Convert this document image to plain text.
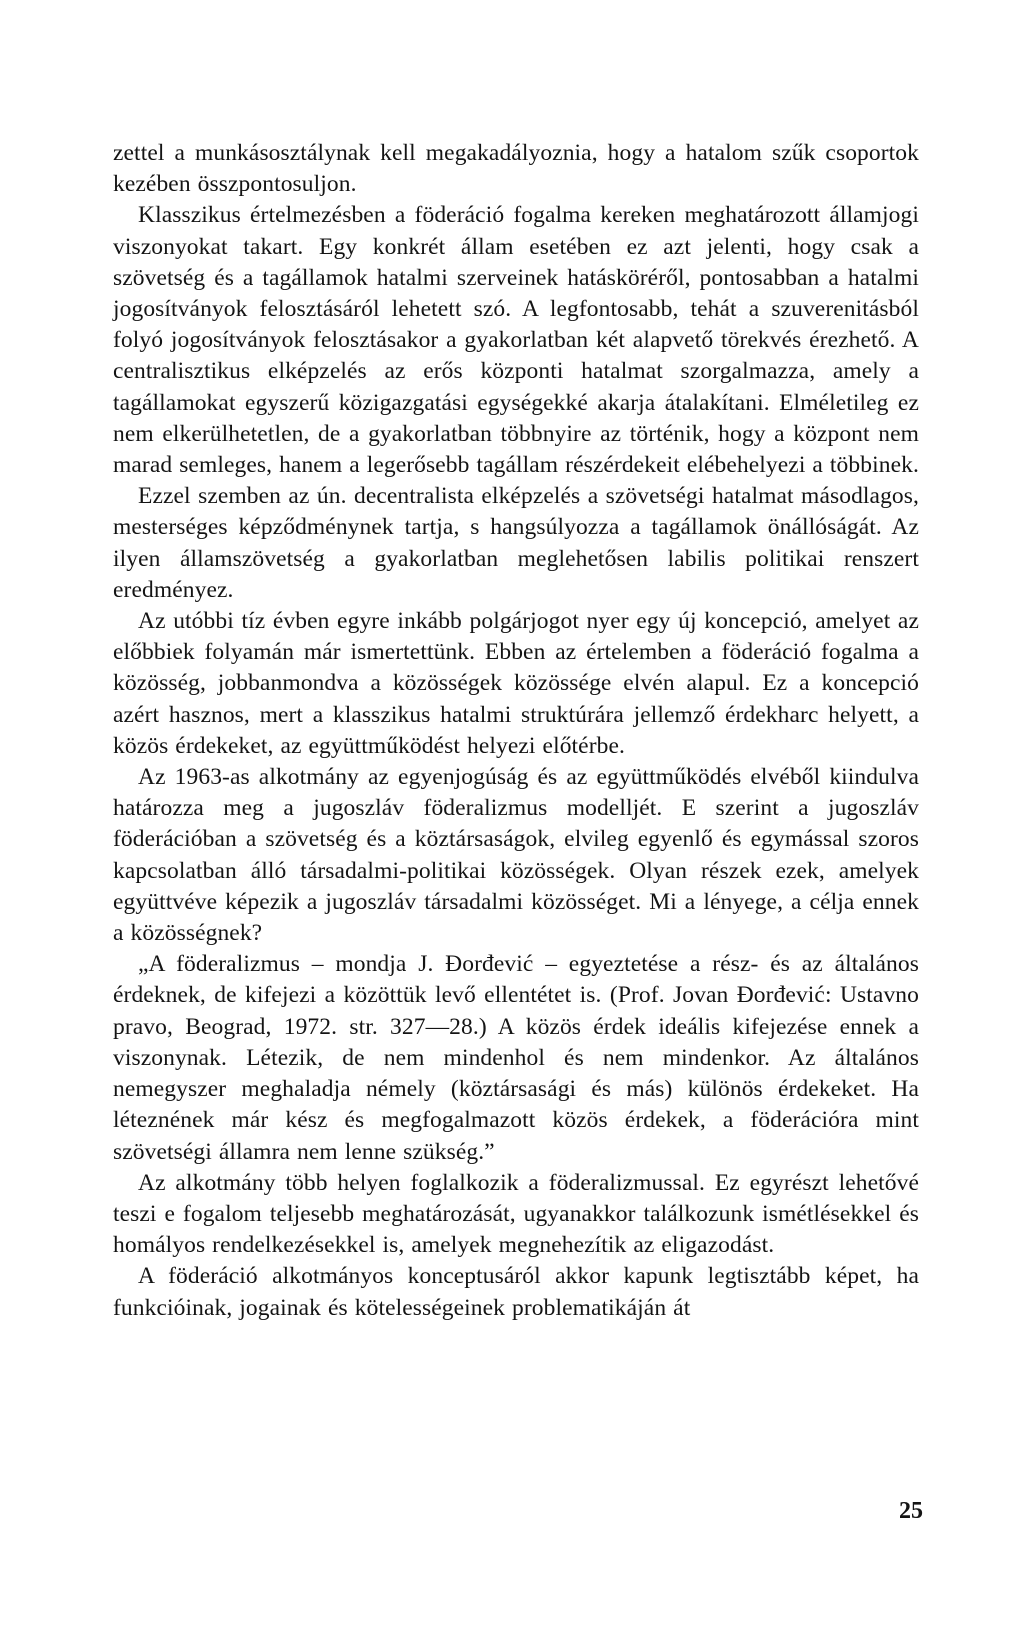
zettel a munkásosztálynak kell megakadályoznia, hogy a hatalom szűk csoportok kezében összpontosuljon.

Klasszikus értelmezésben a föderáció fogalma kereken meghatározott államjogi viszonyokat takart. Egy konkrét állam esetében ez azt jelenti, hogy csak a szövetség és a tagállamok hatalmi szerveinek hatásköréről, pontosabban a hatalmi jogosítványok felosztásáról lehetett szó. A legfontosabb, tehát a szuverenitásból folyó jogosítványok felosztásakor a gyakorlatban két alapvető törekvés érezhető. A centralisztikus elképzelés az erős központi hatalmat szorgalmazza, amely a tagállamokat egyszerű közigazgatási egységekké akarja átalakítani. Elméletileg ez nem elkerülhetetlen, de a gyakorlatban többnyire az történik, hogy a központ nem marad semleges, hanem a legerősebb tagállam részérdekeit elébehelyezi a többinek.

Ezzel szemben az ún. decentralista elképzelés a szövetségi hatalmat másodlagos, mesterséges képződménynek tartja, s hangsúlyozza a tagállamok önállóságát. Az ilyen államszövetség a gyakorlatban meglehetősen labilis politikai renszert eredményez.

Az utóbbi tíz évben egyre inkább polgárjogot nyer egy új koncepció, amelyet az előbbiek folyamán már ismertettünk. Ebben az értelemben a föderáció fogalma a közösség, jobbanmondva a közösségek közössége elvén alapul. Ez a koncepció azért hasznos, mert a klasszikus hatalmi struktúrára jellemző érdekharc helyett, a közös érdekeket, az együttműködést helyezi előtérbe.

Az 1963-as alkotmány az egyenjogúság és az együttműködés elvéből kiindulva határozza meg a jugoszláv föderalizmus modelljét. E szerint a jugoszláv föderációban a szövetség és a köztársaságok, elvileg egyenlő és egymással szoros kapcsolatban álló társadalmi-politikai közösségek. Olyan részek ezek, amelyek együttvéve képezik a jugoszláv társadalmi közösséget. Mi a lényege, a célja ennek a közösségnek?

„A föderalizmus – mondja J. Đorđević – egyeztetése a rész- és az általános érdeknek, de kifejezi a közöttük levő ellentétet is. (Prof. Jovan Đorđević: Ustavno pravo, Beograd, 1972. str. 327—28.) A közös érdek ideális kifejezése ennek a viszonynak. Létezik, de nem mindenhol és nem mindenkor. Az általános nemegyszer meghaladja némely (köztársasági és más) különös érdekeket. Ha léteznének már kész és megfogalmazott közös érdekek, a föderációra mint szövetségi államra nem lenne szükség.”

Az alkotmány több helyen foglalkozik a föderalizmussal. Ez egyrészt lehetővé teszi e fogalom teljesebb meghatározását, ugyanakkor találkozunk ismétlésekkel és homályos rendelkezésekkel is, amelyek megnehezítik az eligazodást.

A föderáció alkotmányos konceptusáról akkor kapunk legtisztább képet, ha funkcióinak, jogainak és kötelességeinek problematikáján át

25
